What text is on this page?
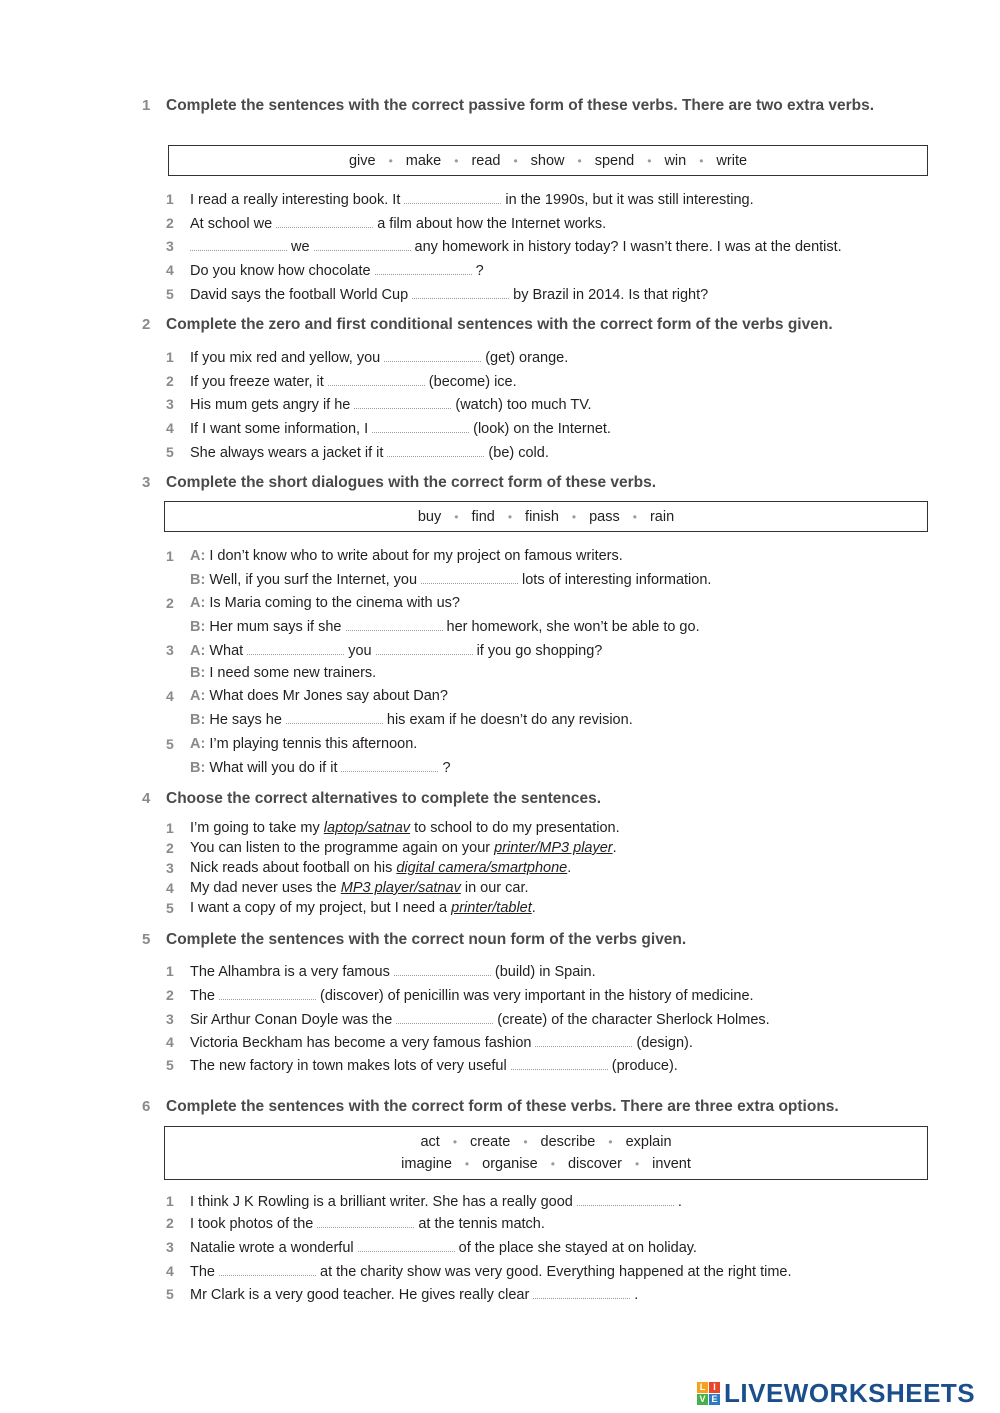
1 Complete the sentences with the correct passive form of these verbs. There are two extra verbs.
give • make • read • show • spend • win • write
1 I read a really interesting book. It	in the 1990s, but it was still interesting.
2 At school we	a film about how the Internet works.
3	we	any homework in history today? I wasn’t there. I was at the dentist.
4 Do you know how chocolate	?
5 David says the football World Cup	by Brazil in 2014. Is that right?
2 Complete the zero and first conditional sentences with the correct form of the verbs given.
1 If you mix red and yellow, you	(get) orange.
2 If you freeze water, it	(become) ice.
3 His mum gets angry if he	(watch) too much TV.
4 If I want some information, I	(look) on the Internet.
5 She always wears a jacket if it	(be) cold.
3 Complete the short dialogues with the correct form of these verbs.
buy • find • finish • pass • rain
1 A: I don’t know who to write about for my project on famous writers.
B: Well, if you surf the Internet, you	lots of interesting information.
2 A: Is Maria coming to the cinema with us?
B: Her mum says if she	her homework, she won’t be able to go.
3 A: What	you	if you go shopping?
B: I need some new trainers.
4 A: What does Mr Jones say about Dan?
B: He says he	his exam if he doesn’t do any revision.
5 A: I’m playing tennis this afternoon.
B: What will you do if it	?
4 Choose the correct alternatives to complete the sentences.
1 I’m going to take my laptop/satnav to school to do my presentation.
2 You can listen to the programme again on your printer/MP3 player.
3 Nick reads about football on his digital camera/smartphone.
4 My dad never uses the MP3 player/satnav in our car.
5 I want a copy of my project, but I need a printer/tablet.
5 Complete the sentences with the correct noun form of the verbs given.
1 The Alhambra is a very famous	(build) in Spain.
2 The	(discover) of penicillin was very important in the history of medicine.
3 Sir Arthur Conan Doyle was the	(create) of the character Sherlock Holmes.
4 Victoria Beckham has become a very famous fashion	(design).
5 The new factory in town makes lots of very useful	(produce).
6 Complete the sentences with the correct form of these verbs. There are three extra options.
act • create • describe • explain
imagine • organise • discover • invent
1 I think J K Rowling is a brilliant writer. She has a really good	.
2 I took photos of the	at the tennis match.
3 Natalie wrote a wonderful	of the place she stayed at on holiday.
4 The	at the charity show was very good. Everything happened at the right time.
5 Mr Clark is a very good teacher. He gives really clear	.
L I
V E LIVEWORKSHEETS
